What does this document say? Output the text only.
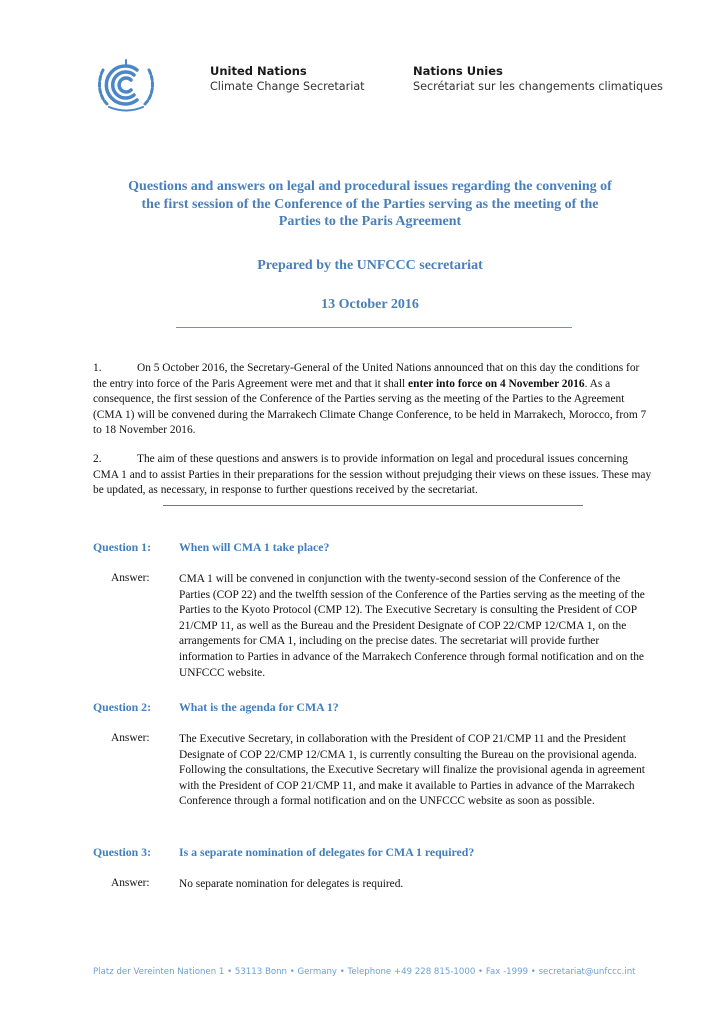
United Nations
Climate Change Secretariat
Nations Unies
Secrétariat sur les changements climatiques
Questions and answers on legal and procedural issues regarding the convening of
the first session of the Conference of the Parties serving as the meeting of the
Parties to the Paris Agreement
Prepared by the UNFCCC secretariat
13 October 2016
1.	On 5 October 2016, the Secretary-General of the United Nations announced that on this day the conditions for the entry into force of the Paris Agreement were met and that it shall enter into force on 4 November 2016. As a consequence, the first session of the Conference of the Parties serving as the meeting of the Parties to the Agreement (CMA 1) will be convened during the Marrakech Climate Change Conference, to be held in Marrakech, Morocco, from 7 to 18 November 2016.
2.	The aim of these questions and answers is to provide information on legal and procedural issues concerning CMA 1 and to assist Parties in their preparations for the session without prejudging their views on these issues. These may be updated, as necessary, in response to further questions received by the secretariat.
Question 1: When will CMA 1 take place?
Answer:	CMA 1 will be convened in conjunction with the twenty-second session of the Conference of the Parties (COP 22) and the twelfth session of the Conference of the Parties serving as the meeting of the Parties to the Kyoto Protocol (CMP 12). The Executive Secretary is consulting the President of COP 21/CMP 11, as well as the Bureau and the President Designate of COP 22/CMP 12/CMA 1, on the arrangements for CMA 1, including on the precise dates. The secretariat will provide further information to Parties in advance of the Marrakech Conference through formal notification and on the UNFCCC website.
Question 2: What is the agenda for CMA 1?
Answer:	The Executive Secretary, in collaboration with the President of COP 21/CMP 11 and the President Designate of COP 22/CMP 12/CMA 1, is currently consulting the Bureau on the provisional agenda. Following the consultations, the Executive Secretary will finalize the provisional agenda in agreement with the President of COP 21/CMP 11, and make it available to Parties in advance of the Marrakech Conference through a formal notification and on the UNFCCC website as soon as possible.
Question 3: Is a separate nomination of delegates for CMA 1 required?
Answer:	No separate nomination for delegates is required.
Platz der Vereinten Nationen 1 • 53113 Bonn • Germany • Telephone +49 228 815-1000 • Fax -1999 • secretariat@unfccc.int
